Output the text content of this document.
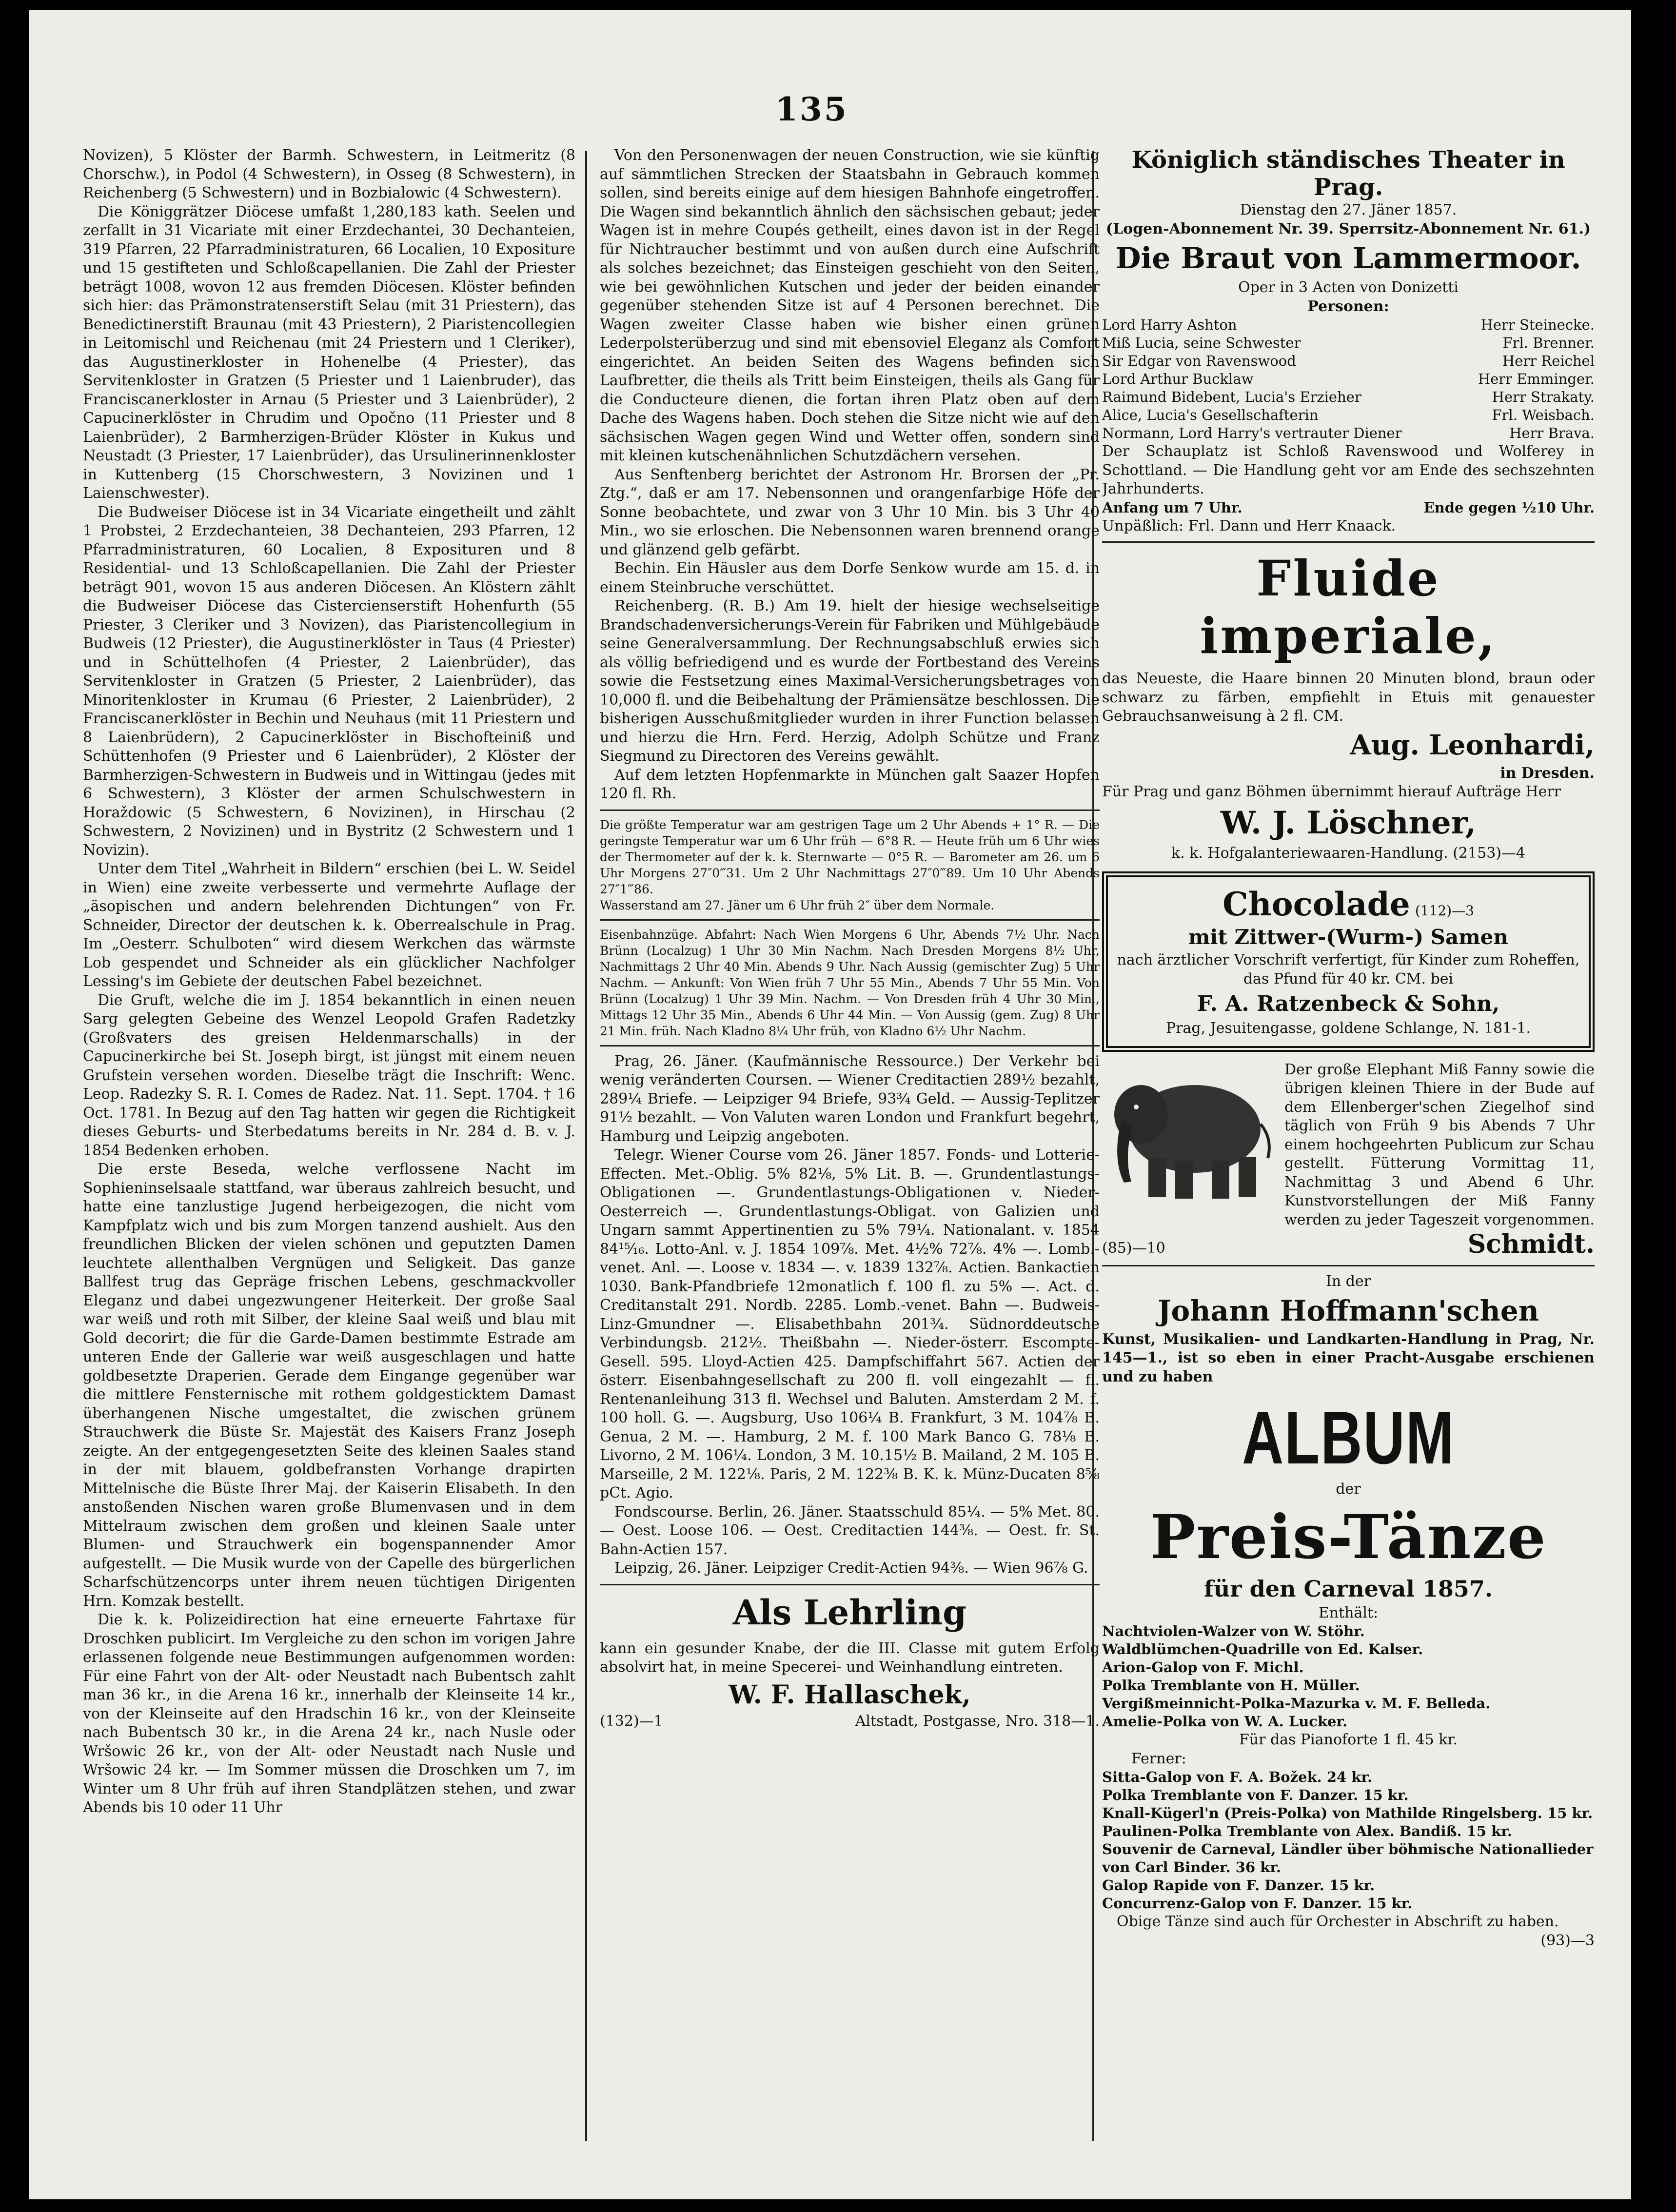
135

Novizen), 5 Klöster der Barmh. Schwestern, in Leitmeritz (8 Chorschw.), in Podol (4 Schwestern), in Osseg (8 Schwestern), in Reichenberg (5 Schwestern) und in Bozbialowic (4 Schwestern).

Die Königgrätzer Diöcese umfaßt 1,280,183 kath. Seelen und zerfallt in 31 Vicariate mit einer Erzdechantei, 30 Dechanteien, 319 Pfarren, 22 Pfarradministraturen, 66 Localien, 10 Expositure und 15 gestifteten und Schloßcapellanien. Die Zahl der Priester beträgt 1008, wovon 12 aus fremden Diöcesen. Klöster befinden sich hier: das Prämonstratenserstift Selau (mit 31 Priestern), das Benedictinerstift Braunau (mit 43 Priestern), 2 Piaristencollegien in Leitomischl und Reichenau (mit 24 Priestern und 1 Cleriker), das Augustinerkloster in Hohenelbe (4 Priester), das Servitenkloster in Gratzen (5 Priester und 1 Laienbruder), das Franciscanerkloster in Arnau (5 Priester und 3 Laienbrüder), 2 Capucinerklöster in Chrudim und Opočno (11 Priester und 8 Laienbrüder), 2 Barmherzigen-Brüder Klöster in Kukus und Neustadt (3 Priester, 17 Laienbrüder), das Ursulinerinnenkloster in Kuttenberg (15 Chorschwestern, 3 Novizinen und 1 Laienschwester).

Die Budweiser Diöcese ist in 34 Vicariate eingetheilt und zählt 1 Probstei, 2 Erzdechanteien, 38 Dechanteien, 293 Pfarren, 12 Pfarradministraturen, 60 Localien, 8 Exposituren und 8 Residential- und 13 Schloßcapellanien. Die Zahl der Priester beträgt 901, wovon 15 aus anderen Diöcesen. An Klöstern zählt die Budweiser Diöcese das Cistercienserstift Hohenfurth (55 Priester, 3 Cleriker und 3 Novizen), das Piaristencollegium in Budweis (12 Priester), die Augustinerklöster in Taus (4 Priester) und in Schüttelhofen (4 Priester, 2 Laienbrüder), das Servitenkloster in Gratzen (5 Priester, 2 Laienbrüder), das Minoritenkloster in Krumau (6 Priester, 2 Laienbrüder), 2 Franciscanerklöster in Bechin und Neuhaus (mit 11 Priestern und 8 Laienbrüdern), 2 Capucinerklöster in Bischofteiniß und Schüttenhofen (9 Priester und 6 Laienbrüder), 2 Klöster der Barmherzigen-Schwestern in Budweis und in Wittingau (jedes mit 6 Schwestern), 3 Klöster der armen Schulschwestern in Horaždowic (5 Schwestern, 6 Novizinen), in Hirschau (2 Schwestern, 2 Novizinen) und in Bystritz (2 Schwestern und 1 Novizin).

Unter dem Titel „Wahrheit in Bildern“ erschien (bei L. W. Seidel in Wien) eine zweite verbesserte und vermehrte Auflage der „äsopischen und andern belehrenden Dichtungen“ von Fr. Schneider, Director der deutschen k. k. Oberrealschule in Prag. Im „Oesterr. Schulboten“ wird diesem Werkchen das wärmste Lob gespendet und Schneider als ein glücklicher Nachfolger Lessing's im Gebiete der deutschen Fabel bezeichnet.

Die Gruft, welche die im J. 1854 bekanntlich in einen neuen Sarg gelegten Gebeine des Wenzel Leopold Grafen Radetzky (Großvaters des greisen Heldenmarschalls) in der Capucinerkirche bei St. Joseph birgt, ist jüngst mit einem neuen Grufstein versehen worden. Dieselbe trägt die Inschrift: Wenc. Leop. Radezky S. R. I. Comes de Radez. Nat. 11. Sept. 1704. † 16 Oct. 1781. In Bezug auf den Tag hatten wir gegen die Richtigkeit dieses Geburts- und Sterbedatums bereits in Nr. 284 d. B. v. J. 1854 Bedenken erhoben.

Die erste Beseda, welche verflossene Nacht im Sophieninselsaale stattfand, war überaus zahlreich besucht, und hatte eine tanzlustige Jugend herbeigezogen, die nicht vom Kampfplatz wich und bis zum Morgen tanzend aushielt. Aus den freundlichen Blicken der vielen schönen und geputzten Damen leuchtete allenthalben Vergnügen und Seligkeit. Das ganze Ballfest trug das Gepräge frischen Lebens, geschmackvoller Eleganz und dabei ungezwungener Heiterkeit. Der große Saal war weiß und roth mit Silber, der kleine Saal weiß und blau mit Gold decorirt; die für die Garde-Damen bestimmte Estrade am unteren Ende der Gallerie war weiß ausgeschlagen und hatte goldbesetzte Draperien. Gerade dem Eingange gegenüber war die mittlere Fensternische mit rothem goldgesticktem Damast überhangenen Nische umgestaltet, die zwischen grünem Strauchwerk die Büste Sr. Majestät des Kaisers Franz Joseph zeigte. An der entgegengesetzten Seite des kleinen Saales stand in der mit blauem, goldbefransten Vorhange drapirten Mittelnische die Büste Ihrer Maj. der Kaiserin Elisabeth. In den anstoßenden Nischen waren große Blumenvasen und in dem Mittelraum zwischen dem großen und kleinen Saale unter Blumen- und Strauchwerk ein bogenspannender Amor aufgestellt. — Die Musik wurde von der Capelle des bürgerlichen Scharfschützencorps unter ihrem neuen tüchtigen Dirigenten Hrn. Komzak bestellt.

Die k. k. Polizeidirection hat eine erneuerte Fahrtaxe für Droschken publicirt. Im Vergleiche zu den schon im vorigen Jahre erlassenen folgende neue Bestimmungen aufgenommen worden: Für eine Fahrt von der Alt- oder Neustadt nach Bubentsch zahlt man 36 kr., in die Arena 16 kr., innerhalb der Kleinseite 14 kr., von der Kleinseite auf den Hradschin 16 kr., von der Kleinseite nach Bubentsch 30 kr., in die Arena 24 kr., nach Nusle oder Wršowic 26 kr., von der Alt- oder Neustadt nach Nusle und Wršowic 24 kr. — Im Sommer müssen die Droschken um 7, im Winter um 8 Uhr früh auf ihren Standplätzen stehen, und zwar Abends bis 10 oder 11 Uhr

Von den Personenwagen der neuen Construction, wie sie künftig auf sämmtlichen Strecken der Staatsbahn in Gebrauch kommen sollen, sind bereits einige auf dem hiesigen Bahnhofe eingetroffen. Die Wagen sind bekanntlich ähnlich den sächsischen gebaut; jeder Wagen ist in mehre Coupés getheilt, eines davon ist in der Regel für Nichtraucher bestimmt und von außen durch eine Aufschrift als solches bezeichnet; das Einsteigen geschieht von den Seiten, wie bei gewöhnlichen Kutschen und jeder der beiden einander gegenüber stehenden Sitze ist auf 4 Personen berechnet. Die Wagen zweiter Classe haben wie bisher einen grünen Lederpolsterüberzug und sind mit ebensoviel Eleganz als Comfort eingerichtet. An beiden Seiten des Wagens befinden sich Laufbretter, die theils als Tritt beim Einsteigen, theils als Gang für die Conducteure dienen, die fortan ihren Platz oben auf dem Dache des Wagens haben. Doch stehen die Sitze nicht wie auf den sächsischen Wagen gegen Wind und Wetter offen, sondern sind mit kleinen kutschenähnlichen Schutzdächern versehen.

Aus Senftenberg berichtet der Astronom Hr. Brorsen der „Pr. Ztg.“, daß er am 17. Nebensonnen und orangenfarbige Höfe der Sonne beobachtete, und zwar von 3 Uhr 10 Min. bis 3 Uhr 40 Min., wo sie erloschen. Die Nebensonnen waren brennend orange und glänzend gelb gefärbt.

Bechin. Ein Häusler aus dem Dorfe Senkow wurde am 15. d. in einem Steinbruche verschüttet.

Reichenberg. (R. B.) Am 19. hielt der hiesige wechselseitige Brandschadenversicherungs-Verein für Fabriken und Mühlgebäude seine Generalversammlung. Der Rechnungsabschluß erwies sich als völlig befriedigend und es wurde der Fortbestand des Vereins sowie die Festsetzung eines Maximal-Versicherungsbetrages von 10,000 fl. und die Beibehaltung der Prämiensätze beschlossen. Die bisherigen Ausschußmitglieder wurden in ihrer Function belassen und hierzu die Hrn. Ferd. Herzig, Adolph Schütze und Franz Siegmund zu Directoren des Vereins gewählt.

Auf dem letzten Hopfenmarkte in München galt Saazer Hopfen 120 fl. Rh.

Die größte Temperatur war am gestrigen Tage um 2 Uhr Abends + 1° R. — Die geringste Temperatur war um 6 Uhr früh — 6°8 R. — Heute früh um 6 Uhr wies der Thermometer auf der k. k. Sternwarte — 0°5 R. — Barometer am 26. um 6 Uhr Morgens 27″0‴31. Um 2 Uhr Nachmittags 27″0‴89. Um 10 Uhr Abends 27″1‴86.

Wasserstand am 27. Jäner um 6 Uhr früh 2″ über dem Normale.

Eisenbahnzüge. Abfahrt: Nach Wien Morgens 6 Uhr, Abends 7½ Uhr. Nach Brünn (Localzug) 1 Uhr 30 Min Nachm. Nach Dresden Morgens 8½ Uhr, Nachmittags 2 Uhr 40 Min. Abends 9 Uhr. Nach Aussig (gemischter Zug) 5 Uhr Nachm. — Ankunft: Von Wien früh 7 Uhr 55 Min., Abends 7 Uhr 55 Min. Von Brünn (Localzug) 1 Uhr 39 Min. Nachm. — Von Dresden früh 4 Uhr 30 Min., Mittags 12 Uhr 35 Min., Abends 6 Uhr 44 Min. — Von Aussig (gem. Zug) 8 Uhr 21 Min. früh. Nach Kladno 8¼ Uhr früh, von Kladno 6½ Uhr Nachm.

Prag, 26. Jäner. (Kaufmännische Ressource.) Der Verkehr bei wenig veränderten Coursen. — Wiener Creditactien 289½ bezahlt, 289¼ Briefe. — Leipziger 94 Briefe, 93¾ Geld. — Aussig-Teplitzer 91½ bezahlt. — Von Valuten waren London und Frankfurt begehrt, Hamburg und Leipzig angeboten.

Telegr. Wiener Course vom 26. Jäner 1857. Fonds- und Lotterie-Effecten. Met.-Oblig. 5% 82⅛, 5% Lit. B. —. Grundentlastungs-Obligationen —. Grundentlastungs-Obligationen v. Nieder-Oesterreich —. Grundentlastungs-Obligat. von Galizien und Ungarn sammt Appertinentien zu 5% 79¼. Nationalant. v. 1854 84¹⁵⁄₁₆. Lotto-Anl. v. J. 1854 109⅞. Met. 4½% 72⅞. 4% —. Lomb.-venet. Anl. —. Loose v. 1834 —. v. 1839 132⅞. Actien. Bankactien 1030. Bank-Pfandbriefe 12monatlich f. 100 fl. zu 5% —. Act. d. Creditanstalt 291. Nordb. 2285. Lomb.-venet. Bahn —. Budweis-Linz-Gmundner —. Elisabethbahn 201¾. Südnorddeutsche Verbindungsb. 212½. Theißbahn —. Nieder-österr. Escompte-Gesell. 595. Lloyd-Actien 425. Dampfschiffahrt 567. Actien der österr. Eisenbahngesellschaft zu 200 fl. voll eingezahlt — fl. Rentenanleihung 313 fl. Wechsel und Baluten. Amsterdam 2 M. f. 100 holl. G. —. Augsburg, Uso 106¼ B. Frankfurt, 3 M. 104⅞ B. Genua, 2 M. —. Hamburg, 2 M. f. 100 Mark Banco G. 78⅛ B. Livorno, 2 M. 106¼. London, 3 M. 10.15½ B. Mailand, 2 M. 105 B. Marseille, 2 M. 122⅛. Paris, 2 M. 122⅜ B. K. k. Münz-Ducaten 8⅝ pCt. Agio.

Fondscourse. Berlin, 26. Jäner. Staatsschuld 85¼. — 5% Met. 80. — Oest. Loose 106. — Oest. Creditactien 144⅜. — Oest. fr. St. Bahn-Actien 157.

Leipzig, 26. Jäner. Leipziger Credit-Actien 94⅜. — Wien 96⅞ G.

Als Lehrling

kann ein gesunder Knabe, der die III. Classe mit gutem Erfolg absolvirt hat, in meine Specerei- und Weinhandlung eintreten.

W. F. Hallaschek,
(132)—1	Altstadt, Postgasse, Nro. 318—1.

Königlich ständisches Theater in Prag.

Dienstag den 27. Jäner 1857.

(Logen-Abonnement Nr. 39. Sperrsitz-Abonnement Nr. 61.)

Die Braut von Lammermoor.

Oper in 3 Acten von Donizetti

Personen:

Lord Harry Ashton	Herr Steinecke.
Miß Lucia, seine Schwester	Frl. Brenner.
Sir Edgar von Ravenswood	Herr Reichel
Lord Arthur Bucklaw	Herr Emminger.
Raimund Bidebent, Lucia's Erzieher	Herr Strakaty.
Alice, Lucia's Gesellschafterin	Frl. Weisbach.
Normann, Lord Harry's vertrauter Diener	Herr Brava.

Der Schauplatz ist Schloß Ravenswood und Wolferey in Schottland. — Die Handlung geht vor am Ende des sechszehnten Jahrhunderts.

Anfang um 7 Uhr.	Ende gegen ½10 Uhr.

Unpäßlich: Frl. Dann und Herr Knaack.

Fluide imperiale,

das Neueste, die Haare binnen 20 Minuten blond, braun oder schwarz zu färben, empfiehlt in Etuis mit genauester Gebrauchsanweisung à 2 fl. CM.

Aug. Leonhardi,

in Dresden.

Für Prag und ganz Böhmen übernimmt hierauf Aufträge Herr

W. J. Löschner,

k. k. Hofgalanteriewaaren-Handlung. (2153)—4

Chocolade (112)—3

mit Zittwer-(Wurm-) Samen

nach ärztlicher Vorschrift verfertigt, für Kinder zum Roheffen, das Pfund für 40 kr. CM. bei

F. A. Ratzenbeck & Sohn,

Prag, Jesuitengasse, goldene Schlange, N. 181-1.

Der große Elephant Miß Fanny sowie die übrigen kleinen Thiere in der Bude auf dem Ellenberger'schen Ziegelhof sind täglich von Früh 9 bis Abends 7 Uhr einem hochgeehrten Publicum zur Schau gestellt. Fütterung Vormittag 11, Nachmittag 3 und Abend 6 Uhr. Kunstvorstellungen der Miß Fanny werden zu jeder Tageszeit vorgenommen.

(85)—10	Schmidt.

In der

Johann Hoffmann'schen

Kunst, Musikalien- und Landkarten-Handlung in Prag, Nr. 145—1., ist so eben in einer Pracht-Ausgabe erschienen und zu haben

ALBUM

der

Preis-Tänze

für den Carneval 1857.

Enthält:

Nachtviolen-Walzer von W. Stöhr.

Waldblümchen-Quadrille von Ed. Kalser.

Arion-Galop von F. Michl.

Polka Tremblante von H. Müller.

Vergißmeinnicht-Polka-Mazurka v. M. F. Belleda.

Amelie-Polka von W. A. Lucker.

Für das Pianoforte 1 fl. 45 kr.

Ferner:

Sitta-Galop von F. A. Božek. 24 kr.

Polka Tremblante von F. Danzer. 15 kr.

Knall-Kügerl'n (Preis-Polka) von Mathilde Ringelsberg. 15 kr.

Paulinen-Polka Tremblante von Alex. Bandiß. 15 kr.

Souvenir de Carneval, Ländler über böhmische Nationallieder von Carl Binder. 36 kr.

Galop Rapide von F. Danzer. 15 kr.

Concurrenz-Galop von F. Danzer. 15 kr.

Obige Tänze sind auch für Orchester in Abschrift zu haben.

(93)—3
